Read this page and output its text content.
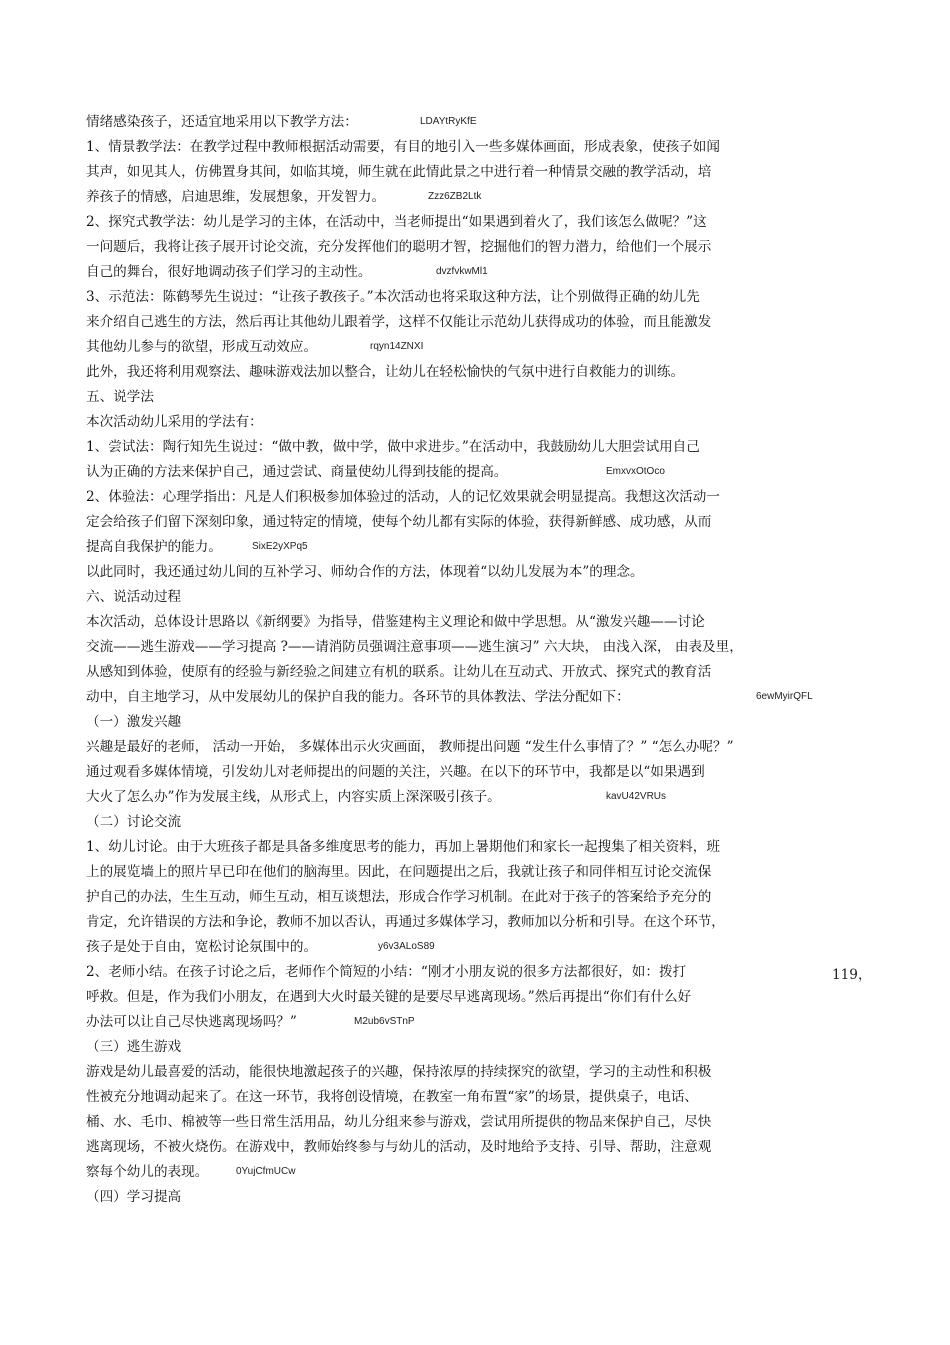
情绪感染孩子，还适宜地采用以下教学方法：	LDAYtRyKfE
1、情景教学法：在教学过程中教师根据活动需要，有目的地引入一些多媒体画面，形成表象，使孩子如闻
其声，如见其人，仿佛置身其间，如临其境，师生就在此情此景之中进行着一种情景交融的教学活动，培
养孩子的情感，启迪思维，发展想象，开发智力。	Zzz6ZB2Ltk
2、探究式教学法：幼儿是学习的主体，在活动中，当老师提出“如果遇到着火了，我们该怎么做呢？”这
一问题后，我将让孩子展开讨论交流，充分发挥他们的聪明才智，挖掘他们的智力潜力，给他们一个展示
自己的舞台，很好地调动孩子们学习的主动性。	dvzfvkwMl1
3、示范法：陈鹤琴先生说过：“让孩子教孩子。”本次活动也将采取这种方法，让个别做得正确的幼儿先
来介绍自己逃生的方法，然后再让其他幼儿跟着学，这样不仅能让示范幼儿获得成功的体验，而且能激发
其他幼儿参与的欲望，形成互动效应。	rqyn14ZNXI
此外，我还将利用观察法、趣味游戏法加以整合，让幼儿在轻松愉快的气氛中进行自救能力的训练。
五、说学法
本次活动幼儿采用的学法有：
1、尝试法：陶行知先生说过：“做中教，做中学，做中求进步。”在活动中，我鼓励幼儿大胆尝试用自己
认为正确的方法来保护自己，通过尝试、商量使幼儿得到技能的提高。	EmxvxOtOco
2、体验法：心理学指出：凡是人们积极参加体验过的活动，人的记忆效果就会明显提高。我想这次活动一
定会给孩子们留下深刻印象，通过特定的情境，使每个幼儿都有实际的体验，获得新鲜感、成功感，从而
提高自我保护的能力。	SixE2yXPq5
以此同时，我还通过幼儿间的互补学习、师幼合作的方法，体现着“以幼儿发展为本”的理念。
六、说活动过程
本次活动，总体设计思路以《新纲要》为指导，借鉴建构主义理论和做中学思想。从“激发兴趣——讨论
交流——逃生游戏——学习提高 ?——请消防员强调注意事项——逃生演习” 六大块， 由浅入深， 由表及里，
从感知到体验，使原有的经验与新经验之间建立有机的联系。让幼儿在互动式、开放式、探究式的教育活
动中，自主地学习，从中发展幼儿的保护自我的能力。各环节的具体教法、学法分配如下：	6ewMyirQFL
（一）激发兴趣
兴趣是最好的老师， 活动一开始， 多媒体出示火灾画面， 教师提出问题 “发生什么事情了？” “怎么办呢？”
通过观看多媒体情境，引发幼儿对老师提出的问题的关注，兴趣。在以下的环节中，我都是以“如果遇到
大火了怎么办”作为发展主线，从形式上，内容实质上深深吸引孩子。	kavU42VRUs
（二）讨论交流
1、幼儿讨论。由于大班孩子都是具备多维度思考的能力，再加上暑期他们和家长一起搜集了相关资料，班
上的展览墙上的照片早已印在他们的脑海里。因此，在问题提出之后，我就让孩子和同伴相互讨论交流保
护自己的办法，生生互动，师生互动，相互谈想法，形成合作学习机制。在此对于孩子的答案给予充分的
肯定，允许错误的方法和争论，教师不加以否认，再通过多媒体学习，教师加以分析和引导。在这个环节，
孩子是处于自由，宽松讨论氛围中的。	y6v3ALoS89
2、老师小结。在孩子讨论之后，老师作个简短的小结：“刚才小朋友说的很多方法都很好，如：拨打	119，
呼救。但是，作为我们小朋友，在遇到大火时最关键的是要尽早逃离现场。”然后再提出“你们有什么好
办法可以让自己尽快逃离现场吗？”	M2ub6vSTnP
（三）逃生游戏
游戏是幼儿最喜爱的活动，能很快地激起孩子的兴趣，保持浓厚的持续探究的欲望，学习的主动性和积极
性被充分地调动起来了。在这一环节，我将创设情境，在教室一角布置“家”的场景，提供桌子，电话、
桶、水、毛巾、棉被等一些日常生活用品，幼儿分组来参与游戏，尝试用所提供的物品来保护自己，尽快
逃离现场，不被火烧伤。在游戏中，教师始终参与与幼儿的活动，及时地给予支持、引导、帮助，注意观
察每个幼儿的表现。	0YujCfmUCw
（四）学习提高
